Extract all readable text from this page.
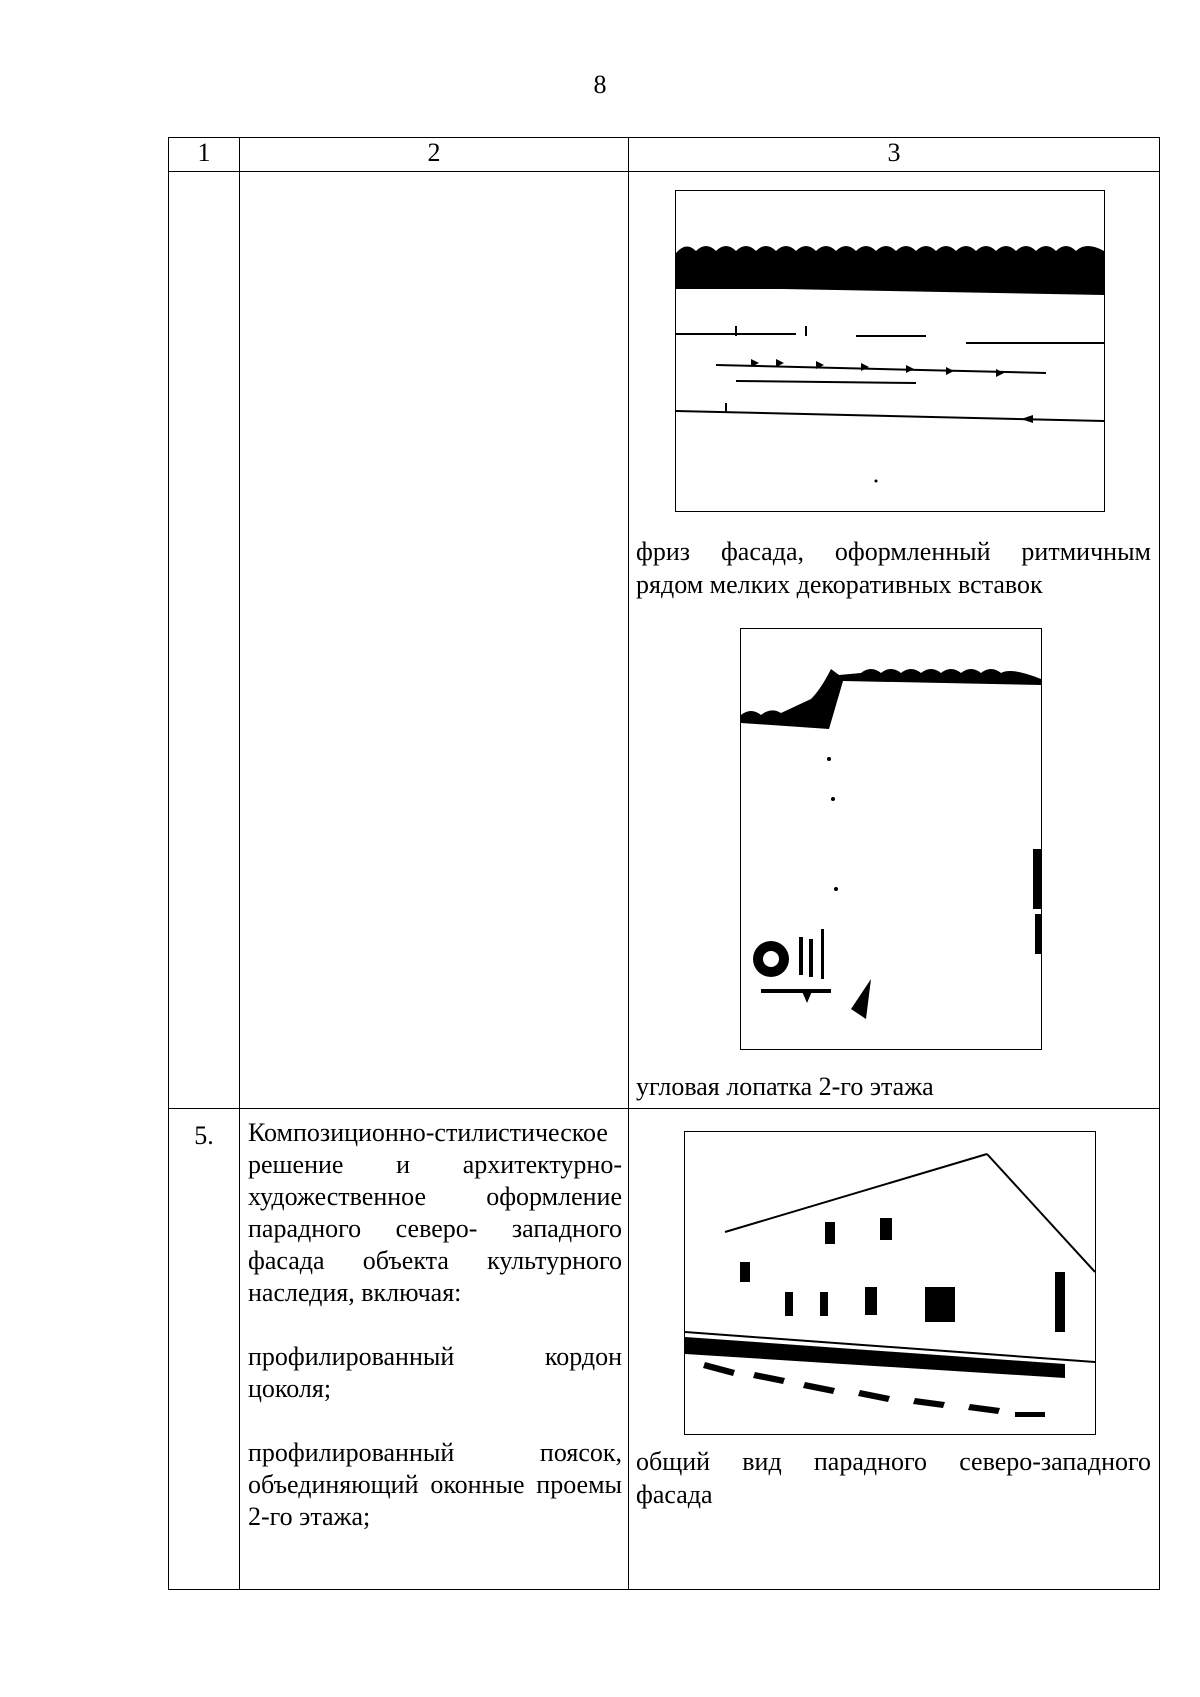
8
1	2	3

		фриз фасада, оформленный ритмичным рядом мелких декоративных вставок
угловая лопатка 2-го этажа

5.	Композиционно-стилистическое решение и архитектурно-художественное оформление парадного северо- западного фасада объекта культурного наследия, включая:

профилированный кордон цоколя;

профилированный поясок, объединяющий оконные проемы 2-го этажа;	общий вид парадного северо-западного фасада
